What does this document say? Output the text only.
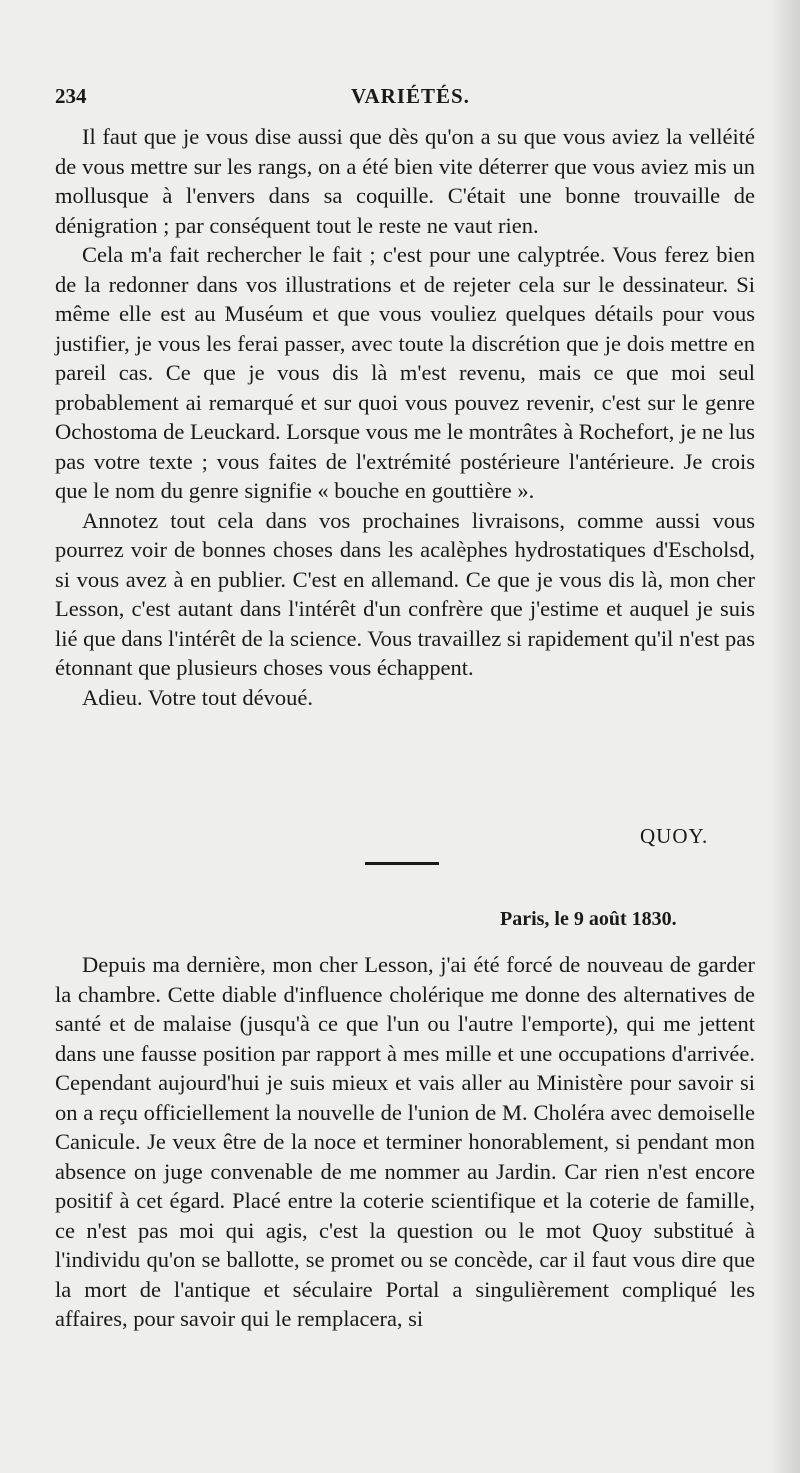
234	VARIÉTÉS.

Il faut que je vous dise aussi que dès qu'on a su que vous aviez la velléité de vous mettre sur les rangs, on a été bien vite déterrer que vous aviez mis un mollusque à l'envers dans sa coquille. C'était une bonne trouvaille de dénigration ; par conséquent tout le reste ne vaut rien.

Cela m'a fait rechercher le fait ; c'est pour une calyptrée. Vous ferez bien de la redonner dans vos illustrations et de rejeter cela sur le dessinateur. Si même elle est au Muséum et que vous vouliez quelques détails pour vous justifier, je vous les ferai passer, avec toute la discrétion que je dois mettre en pareil cas. Ce que je vous dis là m'est revenu, mais ce que moi seul probablement ai remarqué et sur quoi vous pouvez revenir, c'est sur le genre Ochostoma de Leuckard. Lorsque vous me le montrâtes à Rochefort, je ne lus pas votre texte ; vous faites de l'extrémité postérieure l'antérieure. Je crois que le nom du genre signifie « bouche en gouttière ».

Annotez tout cela dans vos prochaines livraisons, comme aussi vous pourrez voir de bonnes choses dans les acalèphes hydrostatiques d'Escholsd, si vous avez à en publier. C'est en allemand. Ce que je vous dis là, mon cher Lesson, c'est autant dans l'intérêt d'un confrère que j'estime et auquel je suis lié que dans l'intérêt de la science. Vous travaillez si rapidement qu'il n'est pas étonnant que plusieurs choses vous échappent.

Adieu. Votre tout dévoué.

QUOY.
Paris, le 9 août 1830.

Depuis ma dernière, mon cher Lesson, j'ai été forcé de nouveau de garder la chambre. Cette diable d'influence cholérique me donne des alternatives de santé et de malaise (jusqu'à ce que l'un ou l'autre l'emporte), qui me jettent dans une fausse position par rapport à mes mille et une occupations d'arrivée. Cependant aujourd'hui je suis mieux et vais aller au Ministère pour savoir si on a reçu officiellement la nouvelle de l'union de M. Choléra avec demoiselle Canicule. Je veux être de la noce et terminer honorablement, si pendant mon absence on juge convenable de me nommer au Jardin. Car rien n'est encore positif à cet égard. Placé entre la coterie scientifique et la coterie de famille, ce n'est pas moi qui agis, c'est la question ou le mot Quoy substitué à l'individu qu'on se ballotte, se promet ou se concède, car il faut vous dire que la mort de l'antique et séculaire Portal a singulièrement compliqué les affaires, pour savoir qui le remplacera, si
